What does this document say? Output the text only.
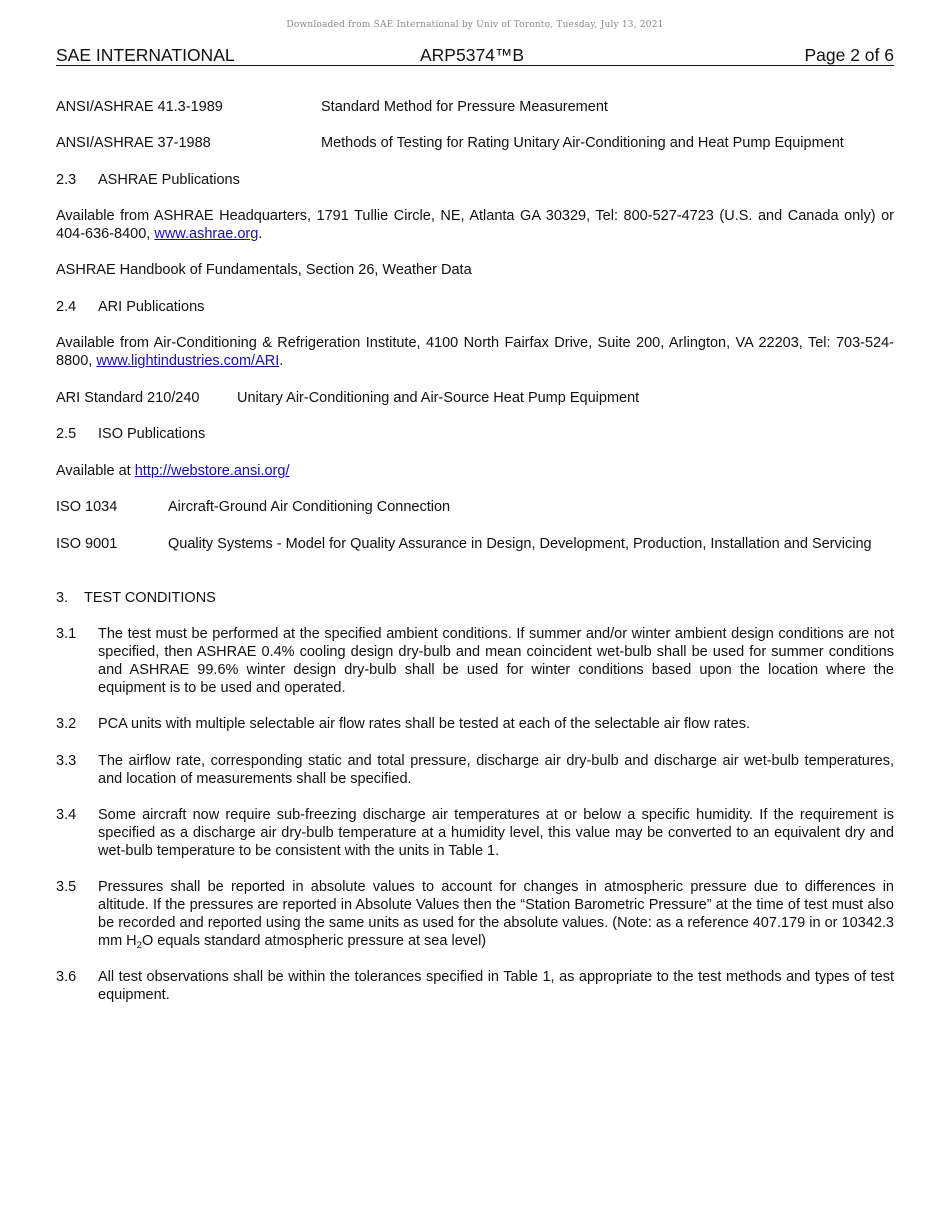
Downloaded from SAE International by Univ of Toronto, Tuesday, July 13, 2021
SAE INTERNATIONAL	ARP5374™B	Page 2 of 6
ANSI/ASHRAE 41.3-1989	Standard Method for Pressure Measurement
ANSI/ASHRAE 37-1988	Methods of Testing for Rating Unitary Air-Conditioning and Heat Pump Equipment
2.3 ASHRAE Publications
Available from ASHRAE Headquarters, 1791 Tullie Circle, NE, Atlanta GA 30329, Tel: 800-527-4723 (U.S. and Canada only) or 404-636-8400, www.ashrae.org.
ASHRAE Handbook of Fundamentals, Section 26, Weather Data
2.4 ARI Publications
Available from Air-Conditioning & Refrigeration Institute, 4100 North Fairfax Drive, Suite 200, Arlington, VA 22203, Tel: 703-524-8800, www.lightindustries.com/ARI.
ARI Standard 210/240	Unitary Air-Conditioning and Air-Source Heat Pump Equipment
2.5 ISO Publications
Available at http://webstore.ansi.org/
ISO 1034	Aircraft-Ground Air Conditioning Connection
ISO 9001	Quality Systems - Model for Quality Assurance in Design, Development, Production, Installation and Servicing
3. TEST CONDITIONS
3.1 The test must be performed at the specified ambient conditions. If summer and/or winter ambient design conditions are not specified, then ASHRAE 0.4% cooling design dry-bulb and mean coincident wet-bulb shall be used for summer conditions and ASHRAE 99.6% winter design dry-bulb shall be used for winter conditions based upon the location where the equipment is to be used and operated.
3.2 PCA units with multiple selectable air flow rates shall be tested at each of the selectable air flow rates.
3.3 The airflow rate, corresponding static and total pressure, discharge air dry-bulb and discharge air wet-bulb temperatures, and location of measurements shall be specified.
3.4 Some aircraft now require sub-freezing discharge air temperatures at or below a specific humidity. If the requirement is specified as a discharge air dry-bulb temperature at a humidity level, this value may be converted to an equivalent dry and wet-bulb temperature to be consistent with the units in Table 1.
3.5 Pressures shall be reported in absolute values to account for changes in atmospheric pressure due to differences in altitude. If the pressures are reported in Absolute Values then the “Station Barometric Pressure” at the time of test must also be recorded and reported using the same units as used for the absolute values. (Note: as a reference 407.179 in or 10342.3 mm $H_2O$ equals standard atmospheric pressure at sea level)
3.6 All test observations shall be within the tolerances specified in Table 1, as appropriate to the test methods and types of test equipment.
